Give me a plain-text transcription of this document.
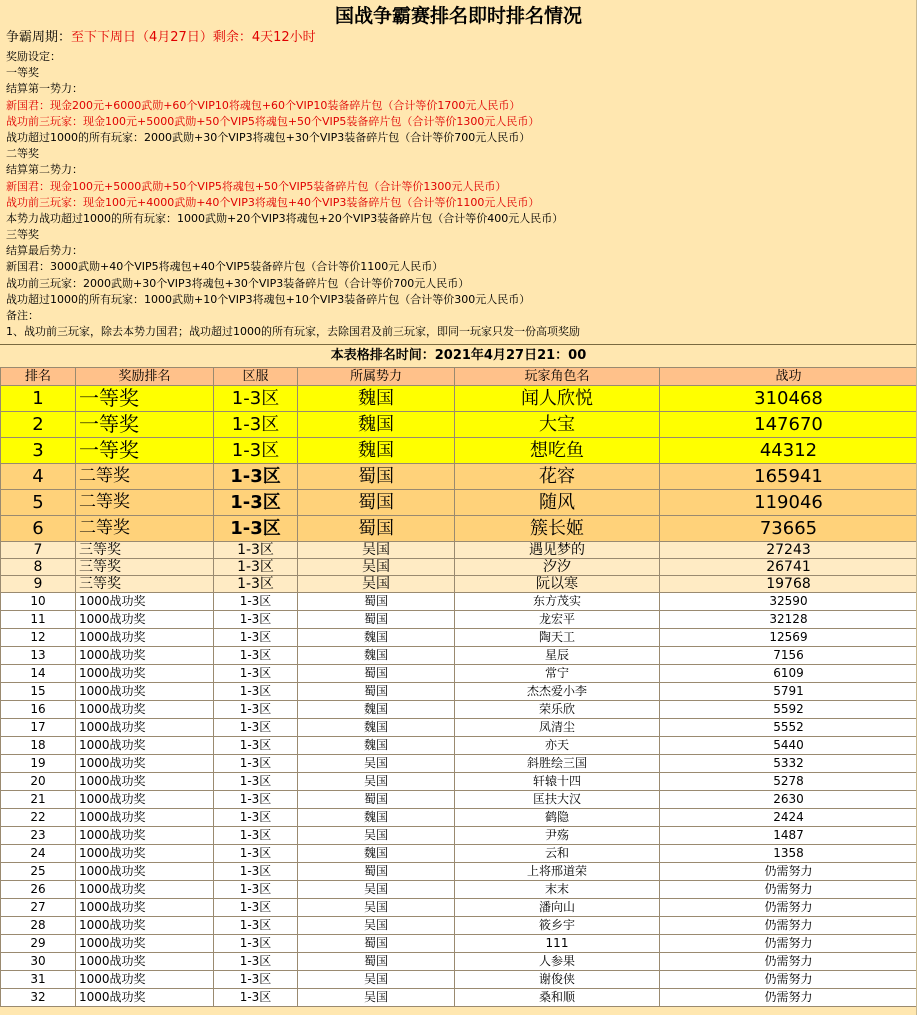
国战争霸赛排名即时排名情况
争霸周期：至下下周日（4月27日）剩余：4天12小时
奖励设定：
一等奖
结算第一势力：
新国君：现金200元+6000武勋+60个VIP10将魂包+60个VIP10装备碎片包（合计等价1700元人民币）
战功前三玩家：现金100元+5000武勋+50个VIP5将魂包+50个VIP5装备碎片包（合计等价1300元人民币）
战功超过1000的所有玩家：2000武勋+30个VIP3将魂包+30个VIP3装备碎片包（合计等价700元人民币）
二等奖
结算第二势力：
新国君：现金100元+5000武勋+50个VIP5将魂包+50个VIP5装备碎片包（合计等价1300元人民币）
战功前三玩家：现金100元+4000武勋+40个VIP3将魂包+40个VIP3装备碎片包（合计等价1100元人民币）
本势力战功超过1000的所有玩家：1000武勋+20个VIP3将魂包+20个VIP3装备碎片包（合计等价400元人民币）
三等奖
结算最后势力：
新国君：3000武勋+40个VIP5将魂包+40个VIP5装备碎片包（合计等价1100元人民币）
战功前三玩家：2000武勋+30个VIP3将魂包+30个VIP3装备碎片包（合计等价700元人民币）
战功超过1000的所有玩家：1000武勋+10个VIP3将魂包+10个VIP3装备碎片包（合计等价300元人民币）
备注：
1、战功前三玩家，除去本势力国君；战功超过1000的所有玩家，去除国君及前三玩家，即同一玩家只发一份高项奖励
本表格排名时间：2021年4月27日21：00
排名	奖励排名	区服	所属势力	玩家角色名	战功
1	一等奖	1-3区	魏国	闻人欣悦	310468
2	一等奖	1-3区	魏国	大宝	147670
3	一等奖	1-3区	魏国	想吃鱼	44312
4	二等奖	1-3区	蜀国	花容	165941
5	二等奖	1-3区	蜀国	随风	119046
6	二等奖	1-3区	蜀国	簇长姬	73665
7	三等奖	1-3区	吴国	遇见梦的	27243
8	三等奖	1-3区	吴国	汐汐	26741
9	三等奖	1-3区	吴国	阮以寒	19768
10	1000战功奖	1-3区	蜀国	东方茂实	32590
11	1000战功奖	1-3区	蜀国	龙宏平	32128
12	1000战功奖	1-3区	魏国	陶天工	12569
13	1000战功奖	1-3区	魏国	星辰	7156
14	1000战功奖	1-3区	蜀国	常宁	6109
15	1000战功奖	1-3区	蜀国	杰杰爱小李	5791
16	1000战功奖	1-3区	魏国	荣乐欣	5592
17	1000战功奖	1-3区	魏国	凤清尘	5552
18	1000战功奖	1-3区	魏国	亦天	5440
19	1000战功奖	1-3区	吴国	斜胜绘三国	5332
20	1000战功奖	1-3区	吴国	轩辕十四	5278
21	1000战功奖	1-3区	蜀国	匡扶大汉	2630
22	1000战功奖	1-3区	魏国	鹤隐	2424
23	1000战功奖	1-3区	吴国	尹殇	1487
24	1000战功奖	1-3区	魏国	云和	1358
25	1000战功奖	1-3区	蜀国	上将邢道荣	仍需努力
26	1000战功奖	1-3区	吴国	末末	仍需努力
27	1000战功奖	1-3区	吴国	潘向山	仍需努力
28	1000战功奖	1-3区	吴国	筱乡宇	仍需努力
29	1000战功奖	1-3区	蜀国	111	仍需努力
30	1000战功奖	1-3区	蜀国	人参果	仍需努力
31	1000战功奖	1-3区	吴国	谢俊侠	仍需努力
32	1000战功奖	1-3区	吴国	桑和顺	仍需努力
